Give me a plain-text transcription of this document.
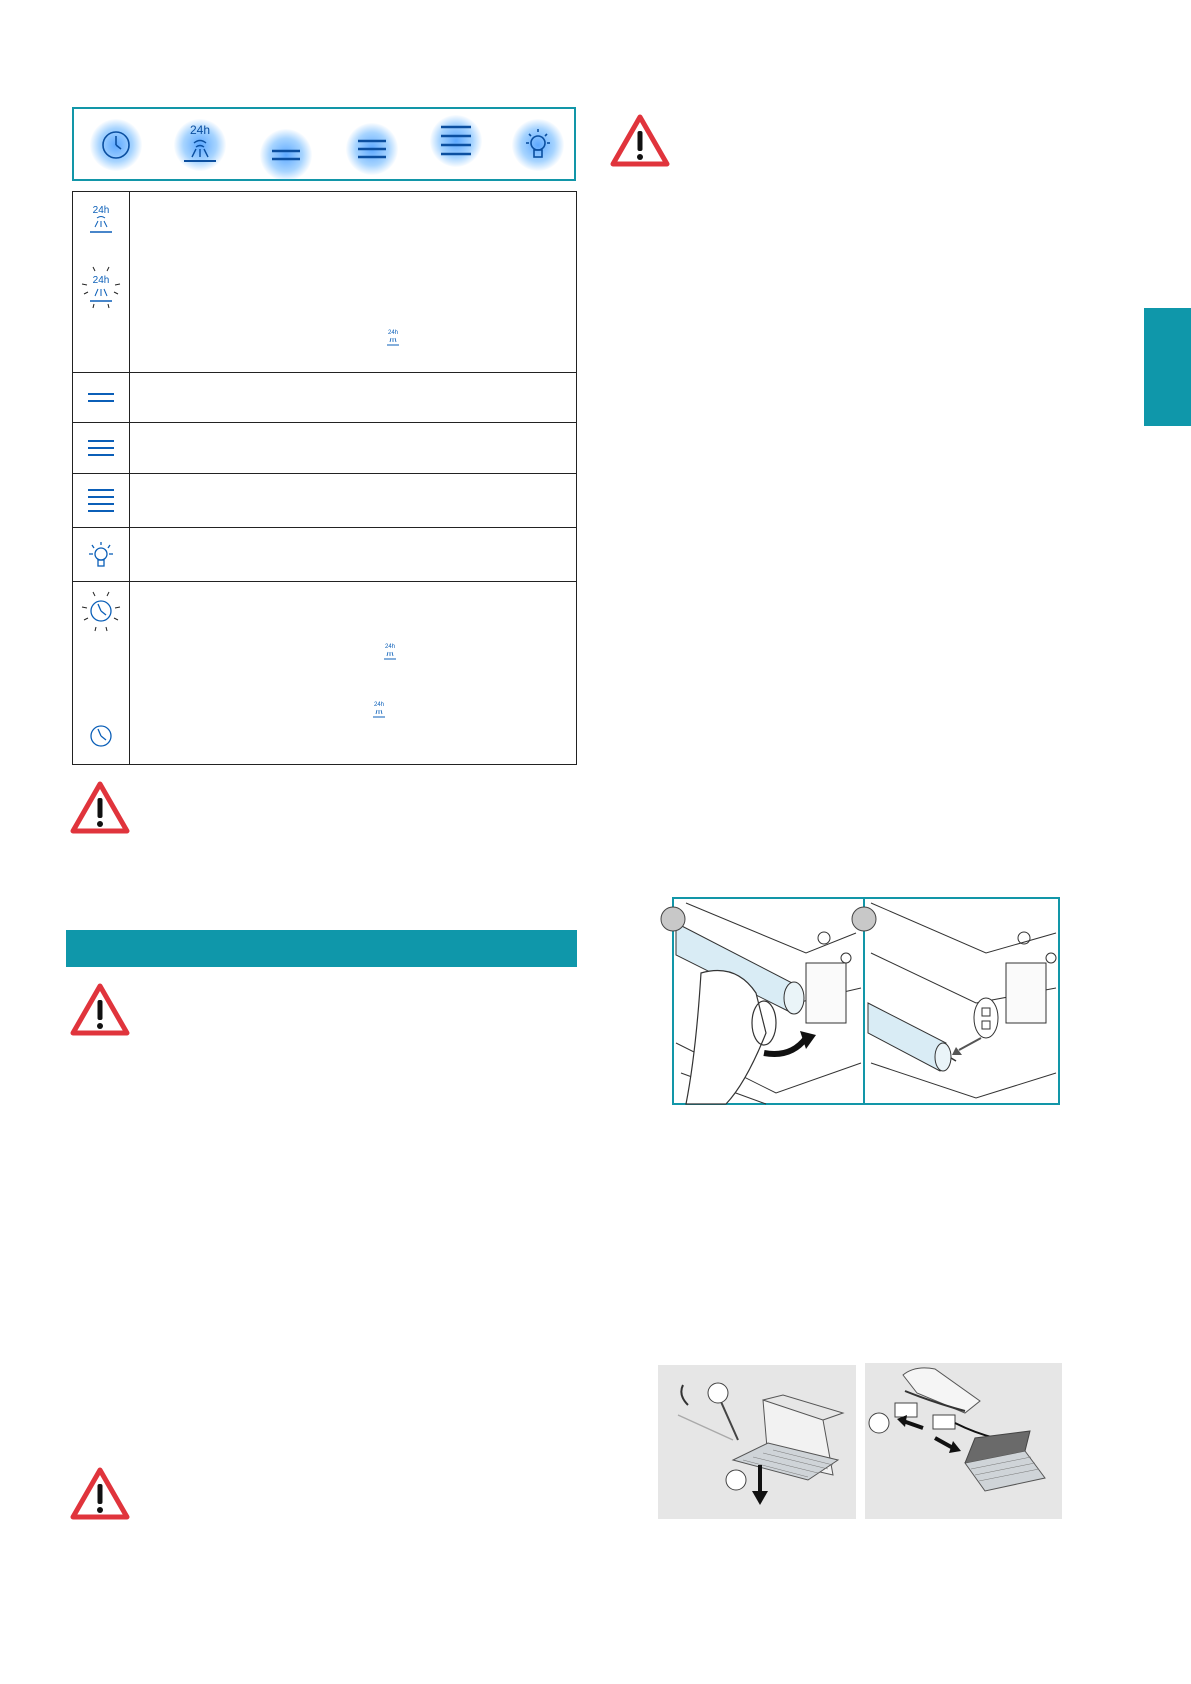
24h
24h
24h	24h

24h
24h
